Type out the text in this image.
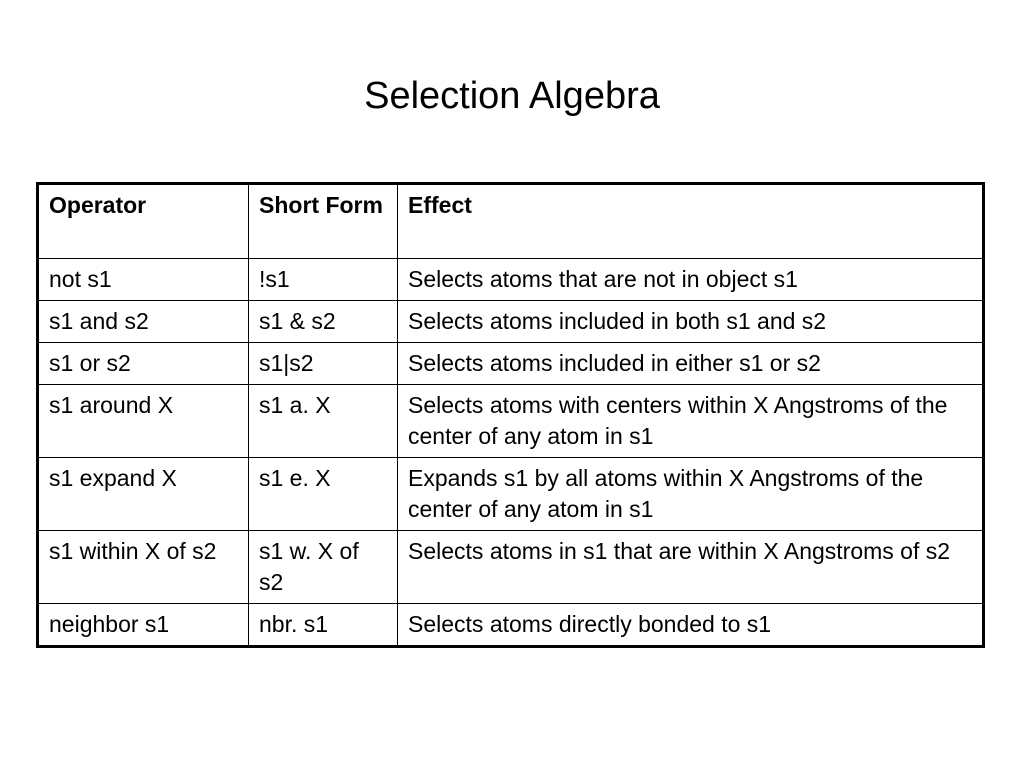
Selection Algebra
Operator	Short Form	Effect
not s1	!s1	Selects atoms that are not in object s1
s1 and s2	s1 & s2	Selects atoms included in both s1 and s2
s1 or s2	s1|s2	Selects atoms included in either s1 or s2
s1 around X	s1 a. X	Selects atoms with centers within X Angstroms of the center of any atom in s1
s1 expand X	s1 e. X	Expands s1 by all atoms within X Angstroms of the center of any atom in s1
s1 within X of s2	s1 w. X of s2	Selects atoms in s1 that are within X Angstroms of s2
neighbor s1	nbr. s1	Selects atoms directly bonded to s1
